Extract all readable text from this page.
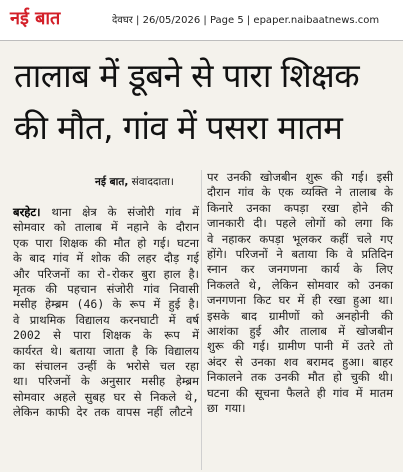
नई बात	देवघर | 26/05/2026 | Page 5 | epaper.naibaatnews.com
तालाब में डूबने से पारा शिक्षक
की मौत, गांव में पसरा मातम
नई बात, संवाददाता।

बरहेट। थाना क्षेत्र के संजोरी गांव में सोमवार को तालाब में नहाने के दौरान एक पारा शिक्षक की मौत हो गई। घटना के बाद गांव में शोक की लहर दौड़ गई और परिजनों का रो-रोकर बुरा हाल है। मृतक की पहचान संजोरी गांव निवासी मसीह हेम्ब्रम (46) के रूप में हुई है। वे प्राथमिक विद्यालय करनघाटी में वर्ष 2002 से पारा शिक्षक के रूप में कार्यरत थे। बताया जाता है कि विद्यालय का संचालन उन्हीं के भरोसे चल रहा था। परिजनों के अनुसार मसीह हेम्ब्रम सोमवार अहले सुबह घर से निकले थे, लेकिन काफी देर तक वापस नहीं लौटने

पर उनकी खोजबीन शुरू की गई। इसी दौरान गांव के एक व्यक्ति ने तालाब के किनारे उनका कपड़ा रखा होने की जानकारी दी। पहले लोगों को लगा कि वे नहाकर कपड़ा भूलकर कहीं चले गए होंगे। परिजनों ने बताया कि वे प्रतिदिन स्नान कर जनगणना कार्य के लिए निकलते थे, लेकिन सोमवार को उनका जनगणना किट घर में ही रखा हुआ था। इसके बाद ग्रामीणों को अनहोनी की आशंका हुई और तालाब में खोजबीन शुरू की गई। ग्रामीण पानी में उतरे तो अंदर से उनका शव बरामद हुआ। बाहर निकालने तक उनकी मौत हो चुकी थी। घटना की सूचना फैलते ही गांव में मातम छा गया।
